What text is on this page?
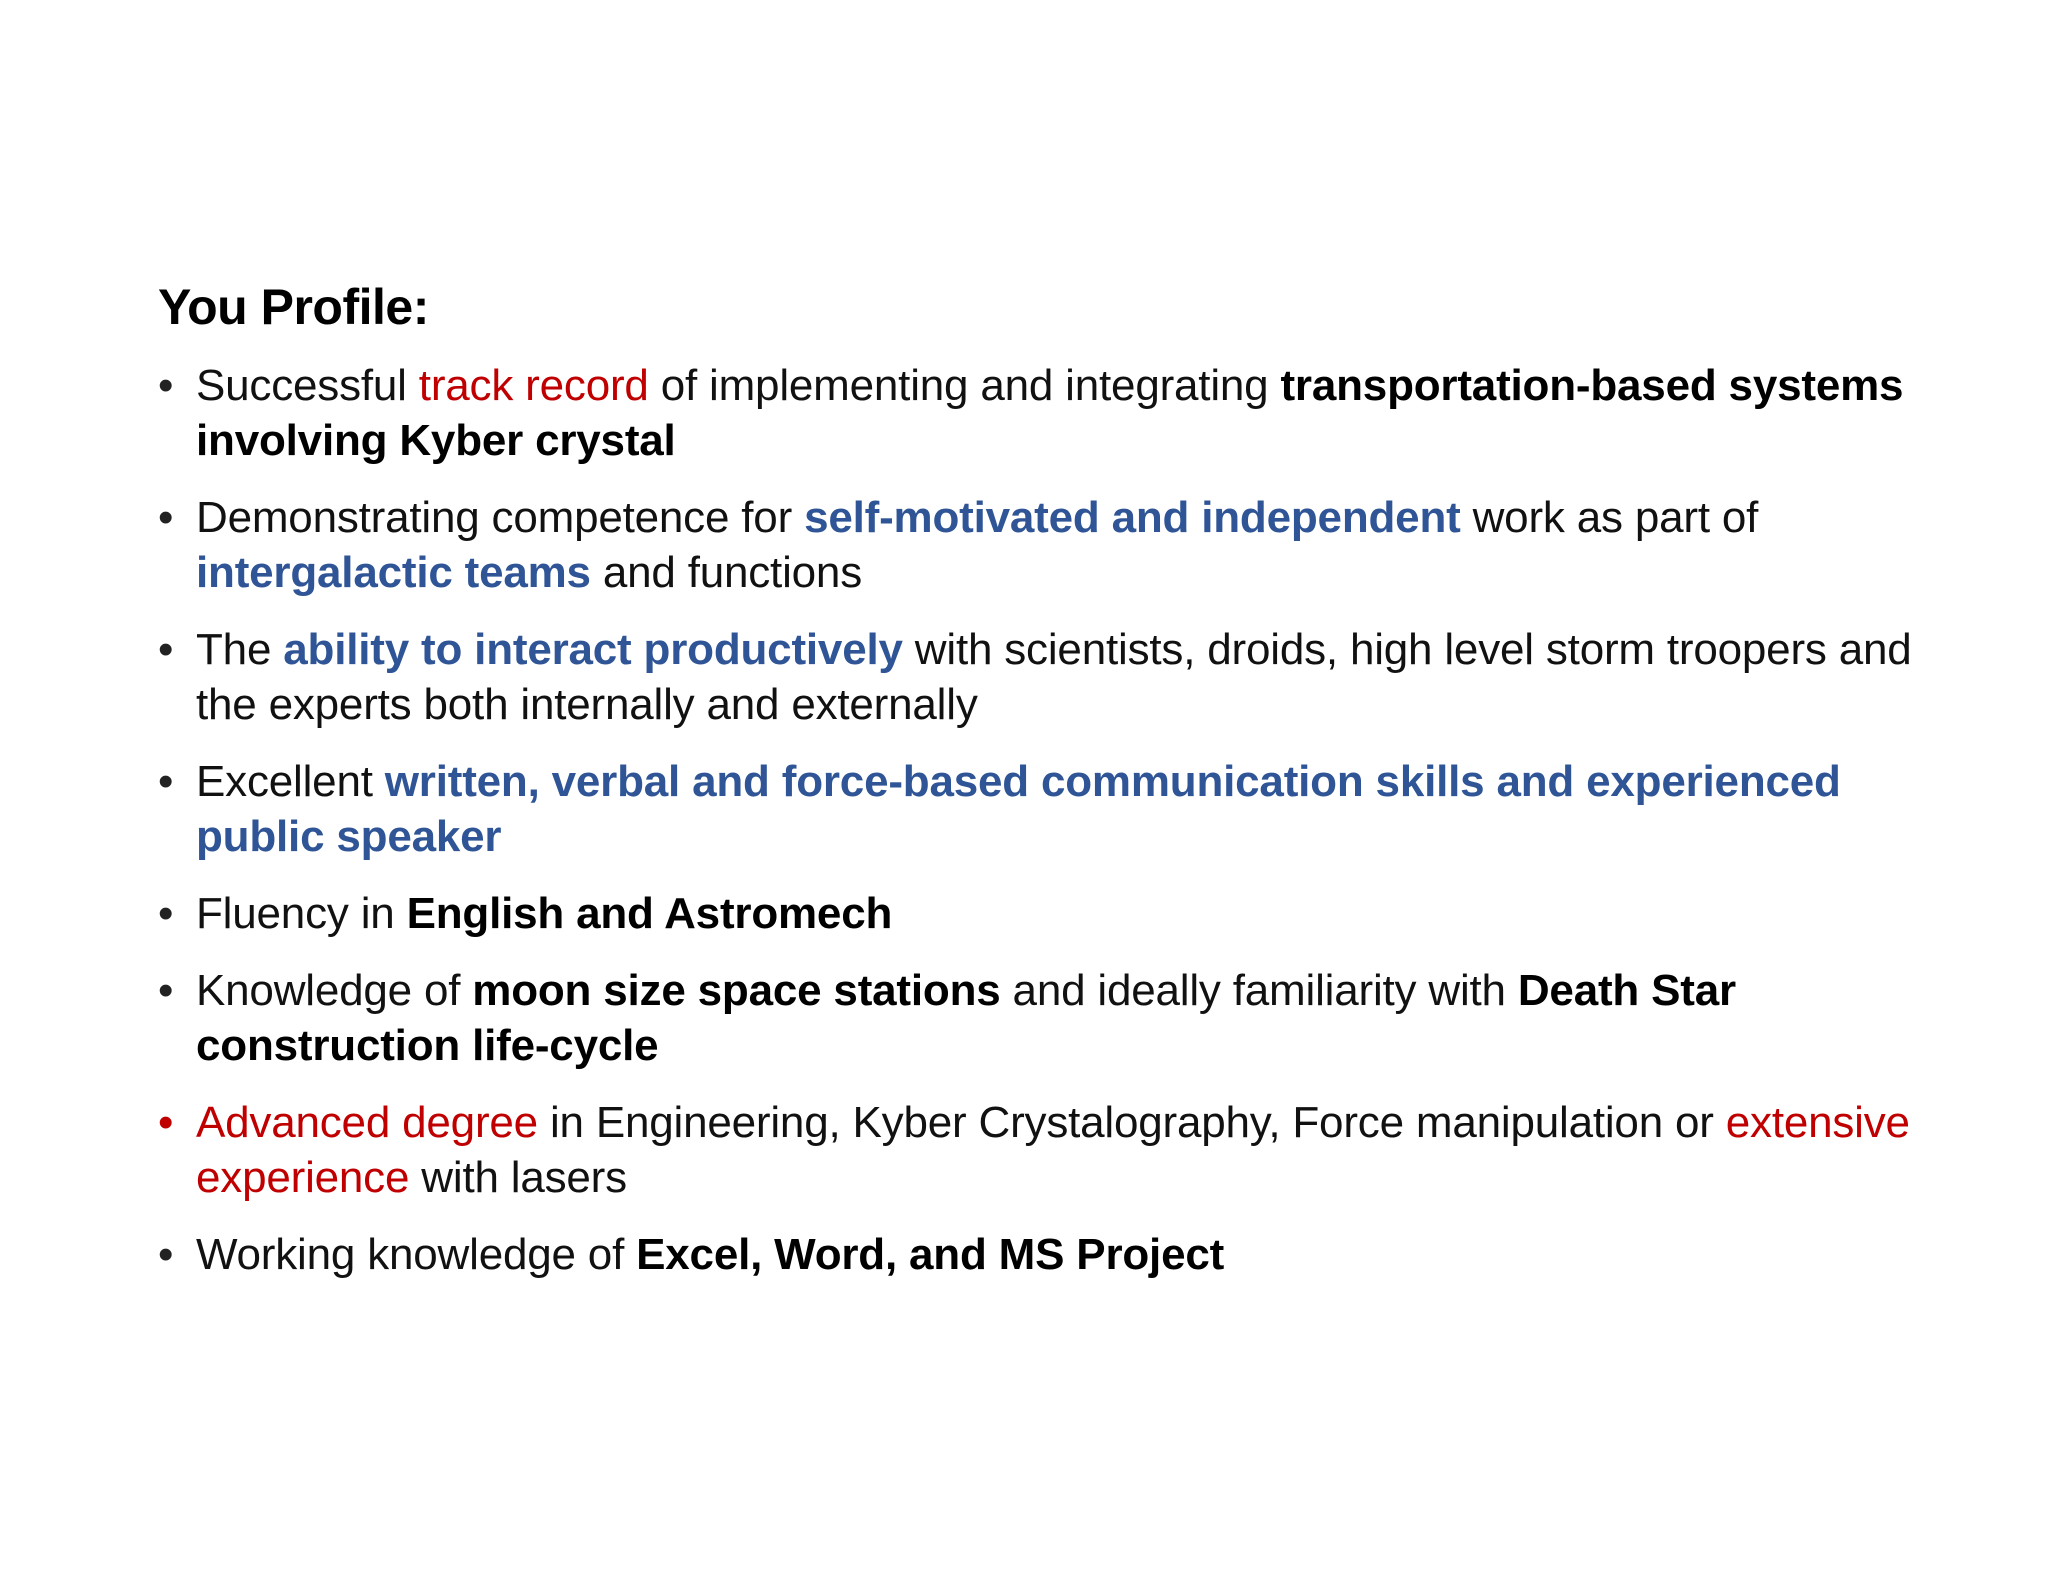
You Profile:
• Successful track record of implementing and integrating transportation-based systems involving Kyber crystal
• Demonstrating competence for self-motivated and independent work as part of intergalactic teams and functions
• The ability to interact productively with scientists, droids, high level storm troopers and the experts both internally and externally
• Excellent written, verbal and force-based communication skills and experienced public speaker
• Fluency in English and Astromech
• Knowledge of moon size space stations and ideally familiarity with Death Star construction life-cycle
• Advanced degree in Engineering, Kyber Crystalography, Force manipulation or extensive experience with lasers
• Working knowledge of Excel, Word, and MS Project
